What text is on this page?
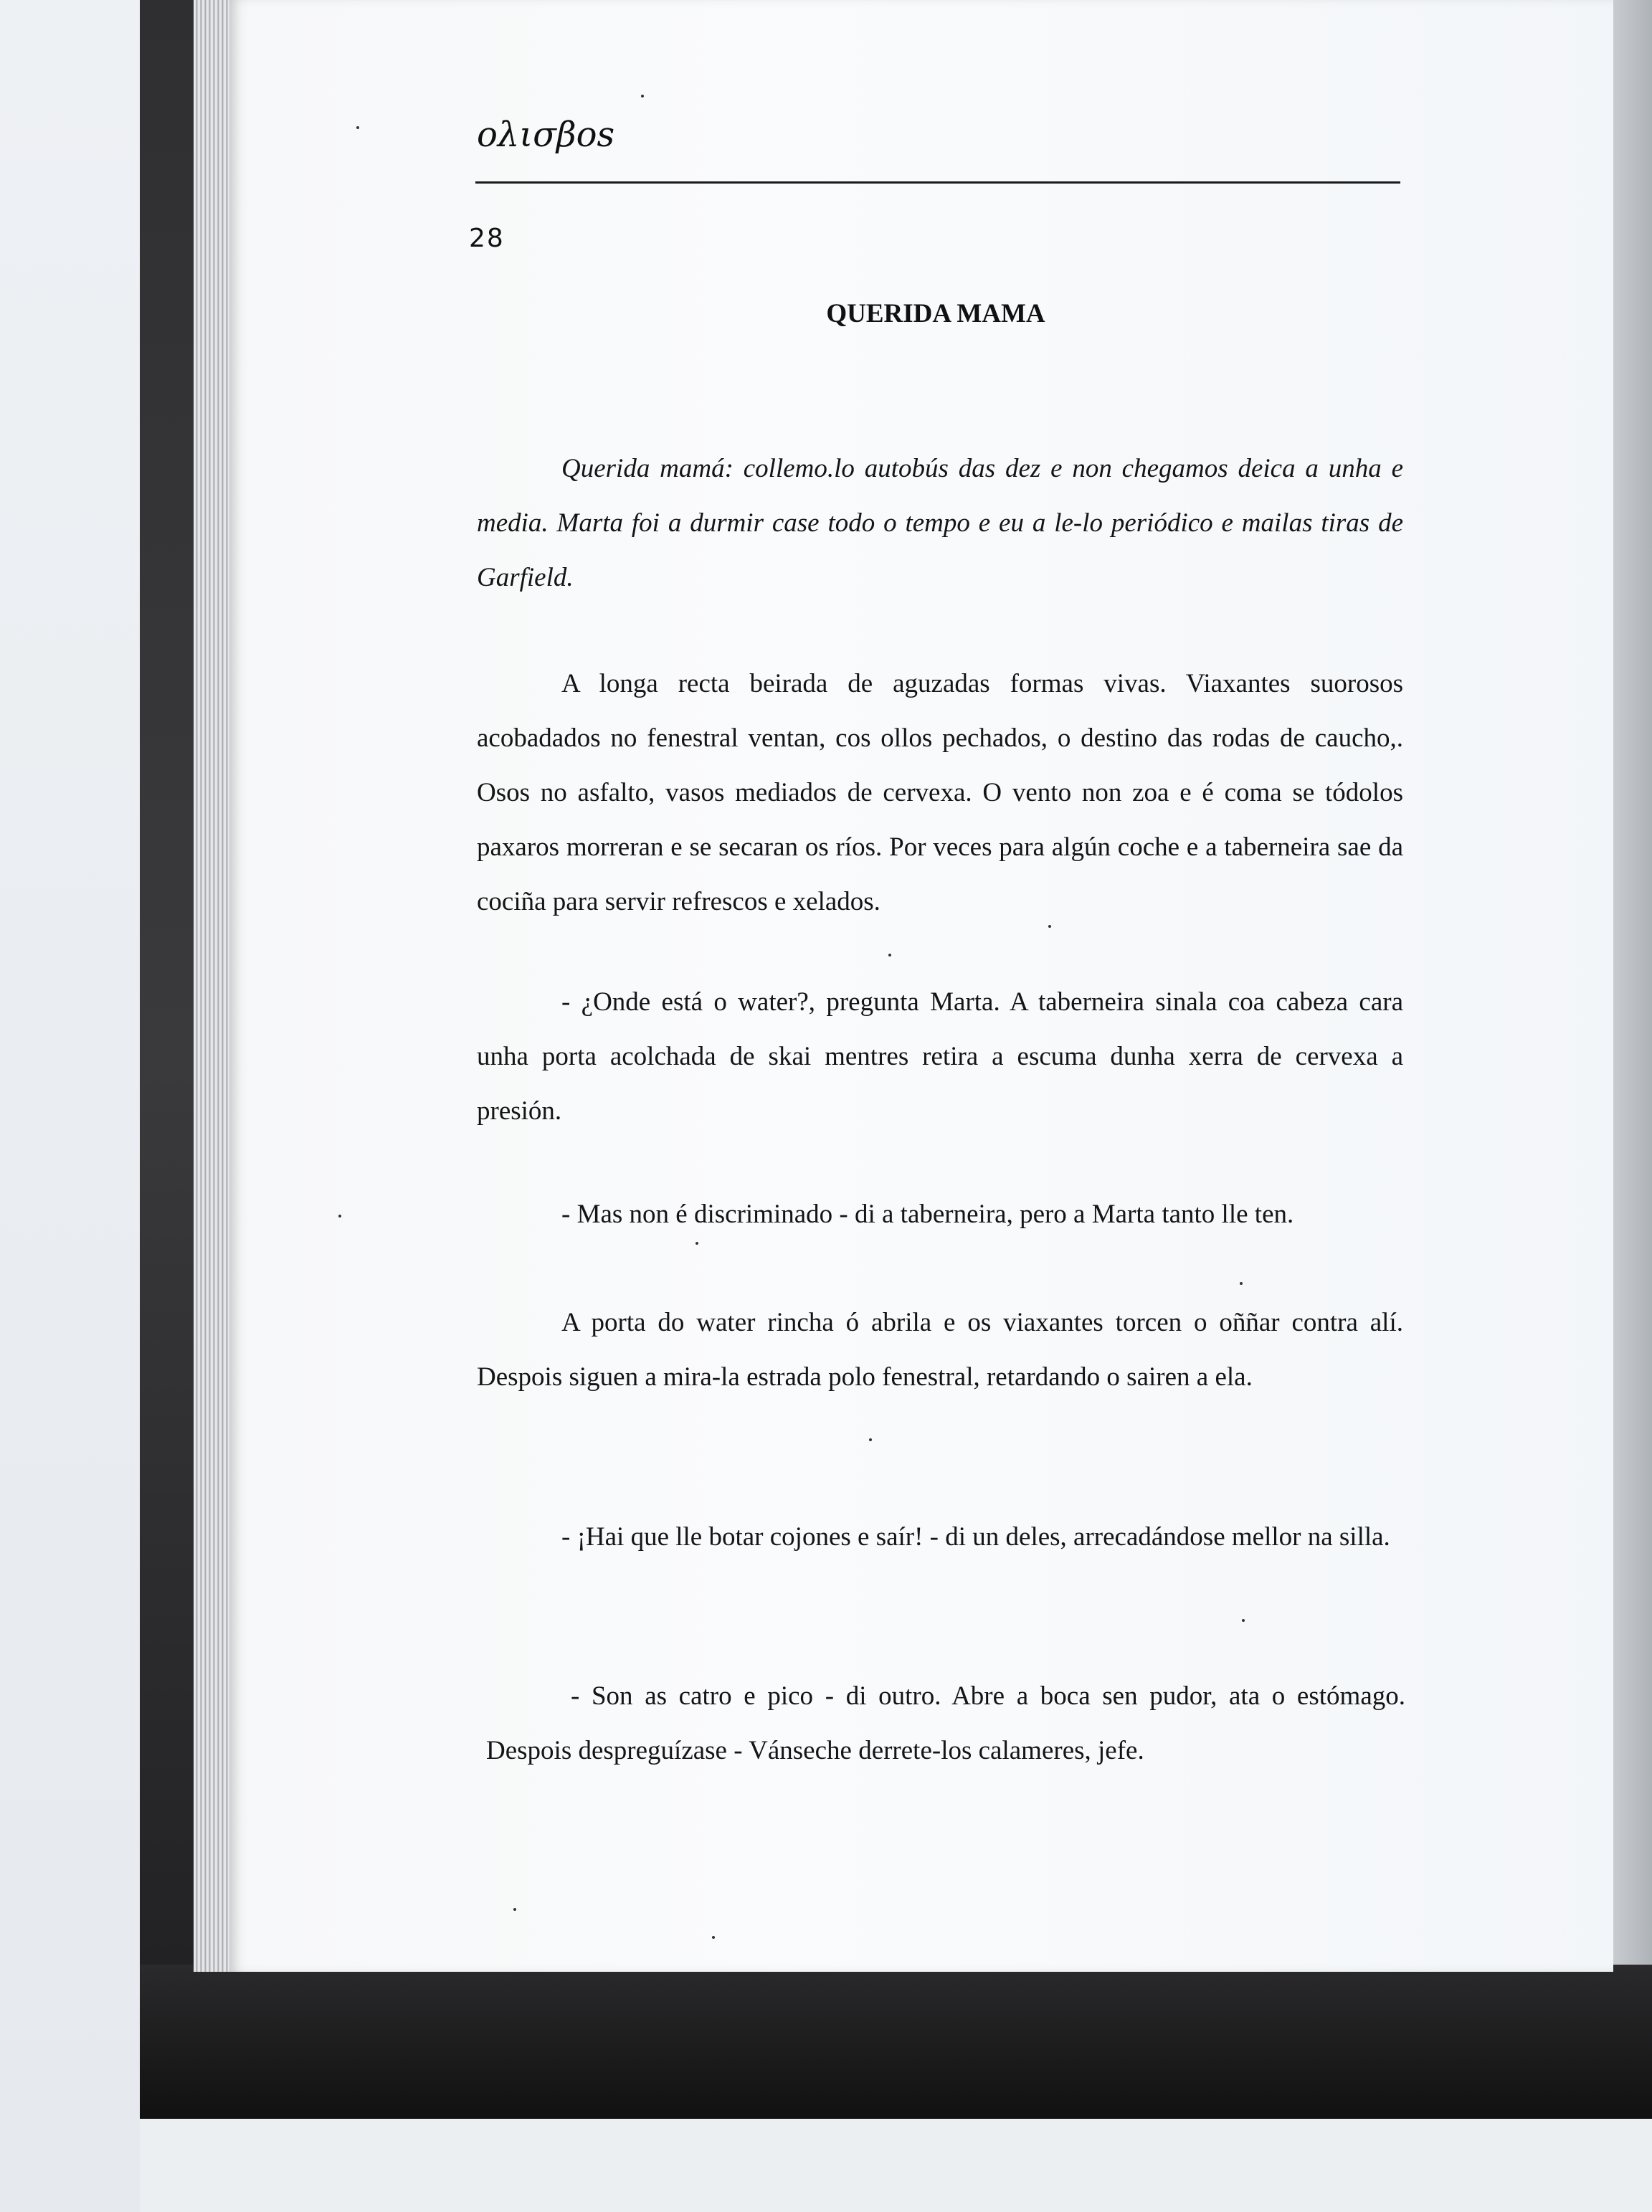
ολισβοs
28
QUERIDA MAMA

Querida mamá: collemo.lo autobús das dez e non chegamos deica a unha e media. Marta foi a durmir case todo o tempo e eu a le-lo periódico e mailas tiras de Garfield.

A longa recta beirada de aguzadas formas vivas. Viaxantes suorosos acobadados no fenestral ventan, cos ollos pechados, o destino das rodas de caucho,. Osos no asfalto, vasos mediados de cervexa. O vento non zoa e é coma se tódolos paxaros morreran e se secaran os ríos. Por veces para algún coche e a taberneira sae da cociña para servir refrescos e xelados.

- ¿Onde está o water?, pregunta Marta. A taberneira sinala coa cabeza cara unha porta acolchada de skai mentres retira a escuma dunha xerra de cervexa a presión.

- Mas non é discriminado - di a taberneira, pero a Marta tanto lle ten.

A porta do water rincha ó abrila e os viaxantes torcen o oññar contra alí. Despois siguen a mira-la estrada polo fenestral, retardando o sairen a ela.

- ¡Hai que lle botar cojones e saír! - di un deles, arrecadándose mellor na silla.

- Son as catro e pico - di outro. Abre a boca sen pudor, ata o estómago. Despois despreguízase - Vánseche derrete-los calameres, jefe.
